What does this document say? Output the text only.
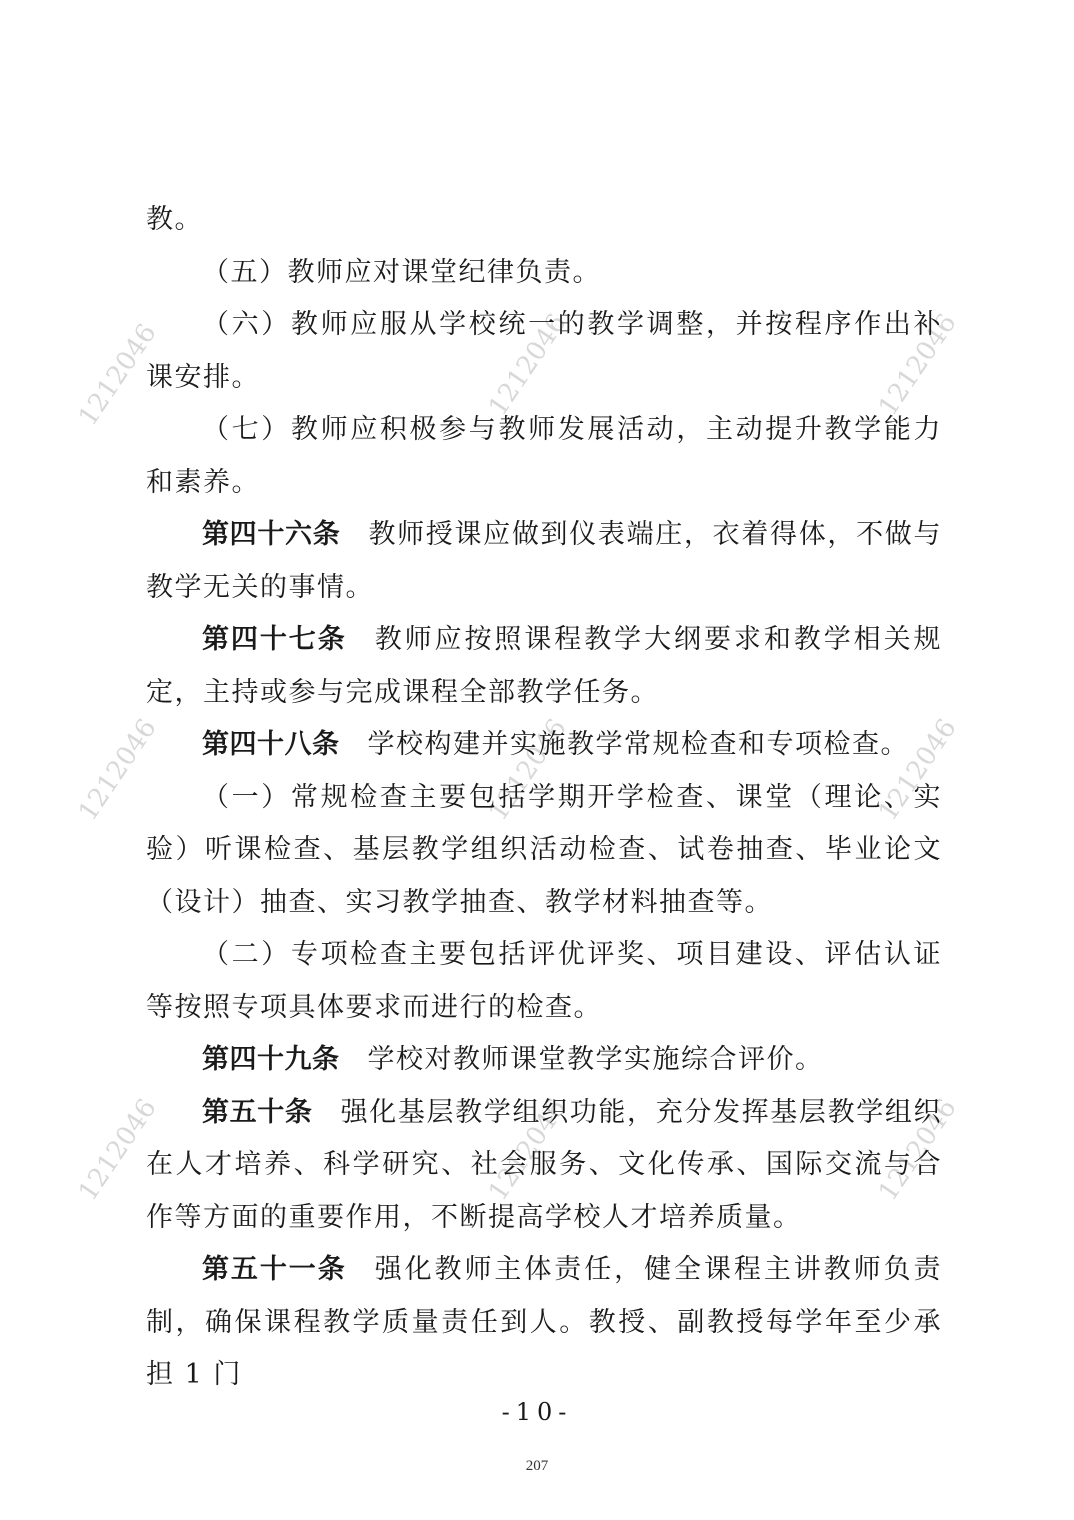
1212046	1212046	1212046
1212046	1212046	1212046
1212046	1212046	1212046

教。

（五）教师应对课堂纪律负责。

（六）教师应服从学校统一的教学调整，并按程序作出补课安排。

（七）教师应积极参与教师发展活动，主动提升教学能力和素养。

第四十六条 教师授课应做到仪表端庄，衣着得体，不做与教学无关的事情。

第四十七条 教师应按照课程教学大纲要求和教学相关规定，主持或参与完成课程全部教学任务。

第四十八条 学校构建并实施教学常规检查和专项检查。

（一）常规检查主要包括学期开学检查、课堂（理论、实验）听课检查、基层教学组织活动检查、试卷抽查、毕业论文（设计）抽查、实习教学抽查、教学材料抽查等。

（二）专项检查主要包括评优评奖、项目建设、评估认证等按照专项具体要求而进行的检查。

第四十九条 学校对教师课堂教学实施综合评价。

第五十条 强化基层教学组织功能，充分发挥基层教学组织在人才培养、科学研究、社会服务、文化传承、国际交流与合作等方面的重要作用，不断提高学校人才培养质量。

第五十一条 强化教师主体责任，健全课程主讲教师负责制，确保课程教学质量责任到人。教授、副教授每学年至少承担 1 门

-10-
207
